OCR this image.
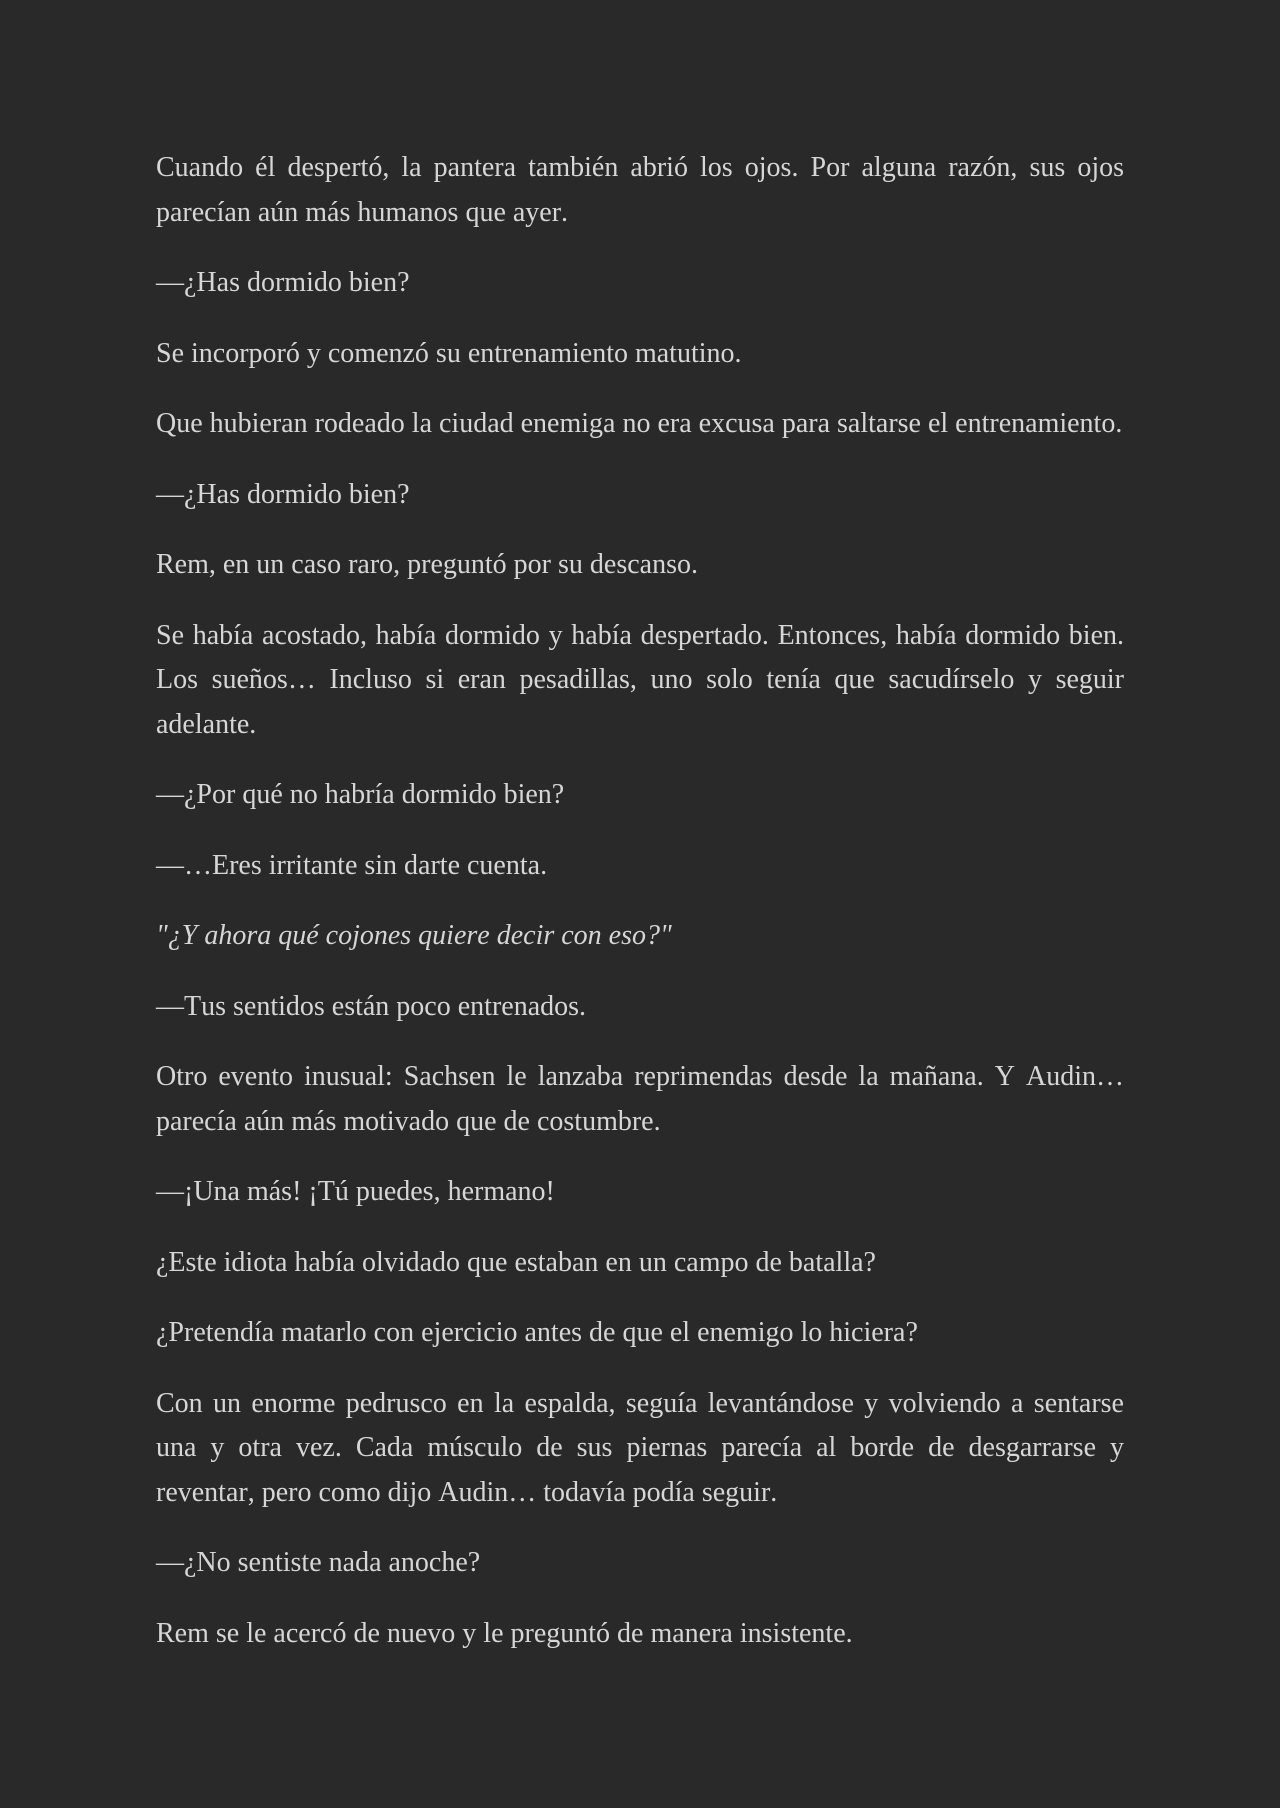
Cuando él despertó, la pantera también abrió los ojos. Por alguna razón, sus ojos parecían aún más humanos que ayer.

—¿Has dormido bien?

Se incorporó y comenzó su entrenamiento matutino.

Que hubieran rodeado la ciudad enemiga no era excusa para saltarse el entrenamiento.

—¿Has dormido bien?

Rem, en un caso raro, preguntó por su descanso.

Se había acostado, había dormido y había despertado. Entonces, había dormido bien. Los sueños… Incluso si eran pesadillas, uno solo tenía que sacudírselo y seguir adelante.

—¿Por qué no habría dormido bien?

—…Eres irritante sin darte cuenta.

"¿Y ahora qué cojones quiere decir con eso?"

—Tus sentidos están poco entrenados.

Otro evento inusual: Sachsen le lanzaba reprimendas desde la mañana. Y Audin… parecía aún más motivado que de costumbre.

—¡Una más! ¡Tú puedes, hermano!

¿Este idiota había olvidado que estaban en un campo de batalla?

¿Pretendía matarlo con ejercicio antes de que el enemigo lo hiciera?

Con un enorme pedrusco en la espalda, seguía levantándose y volviendo a sentarse una y otra vez. Cada músculo de sus piernas parecía al borde de desgarrarse y reventar, pero como dijo Audin… todavía podía seguir.

—¿No sentiste nada anoche?

Rem se le acercó de nuevo y le preguntó de manera insistente.
